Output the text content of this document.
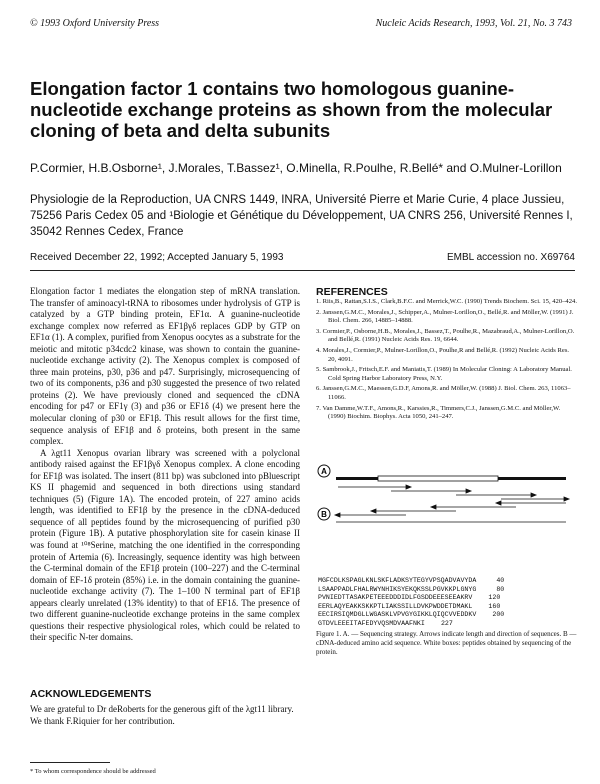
© 1993 Oxford University Press	Nucleic Acids Research, 1993, Vol. 21, No. 3 743
Elongation factor 1 contains two homologous guanine-nucleotide exchange proteins as shown from the molecular cloning of beta and delta subunits
P.Cormier, H.B.Osborne¹, J.Morales, T.Bassez¹, O.Minella, R.Poulhe, R.Bellé* and O.Mulner-Lorillon
Physiologie de la Reproduction, UA CNRS 1449, INRA, Université Pierre et Marie Curie, 4 place Jussieu, 75256 Paris Cedex 05 and ¹Biologie et Génétique du Développement, UA CNRS 256, Université Rennes I, 35042 Rennes Cedex, France
Received December 22, 1992; Accepted January 5, 1993	EMBL accession no. X69764

Elongation factor 1 mediates the elongation step of mRNA translation. The transfer of aminoacyl-tRNA to ribosomes under hydrolysis of GTP is catalyzed by a GTP binding protein, EF1α. A guanine-nucleotide exchange complex now referred as EF1βγδ replaces GDP by GTP on EF1α (1). A complex, purified from Xenopus oocytes as a substrate for the meiotic and mitotic p34cdc2 kinase, was shown to contain the guanine-nucleotide exchange activity (2). The Xenopus complex is composed of three main proteins, p30, p36 and p47. Surprisingly, microsequencing of two of its components, p36 and p30 suggested the presence of two related proteins (2). We have previously cloned and sequenced the cDNA encoding for p47 or EF1γ (3) and p36 or EF1δ (4) we present here the molecular cloning of p30 or EF1β. This result allows for the first time, sequence analysis of EF1β and δ proteins, both present in the same complex.

A λgt11 Xenopus ovarian library was screened with a polyclonal antibody raised against the EF1βγδ Xenopus complex. A clone encoding for EF1β was isolated. The insert (811 bp) was subcloned into pBluescript KS II phagemid and sequenced in both directions using standard techniques (5) (Figure 1A). The encoded protein, of 227 amino acids length, was identified to EF1β by the presence in the cDNA-deduced sequence of all peptides found by the microsequencing of purified p30 protein (Figure 1B). A putative phosphorylation site for casein kinase II was found at ¹⁰⁸Serine, matching the one identified in the corresponding protein of Artemia (6). Increasingly, sequence identity was high between the C-terminal domain of the EF1β protein (100–227) and the C-terminal domain of EF-1δ protein (85%) i.e. in the domain containing the guanine-nucleotide exchange activity (7). The 1–100 N terminal part of EF1β appears clearly unrelated (13% identity) to that of EF1δ. The presence of two different guanine-nucleotide exchange proteins in the same complex questions their respective physiological roles, which could be related to their specific N-ter domains.

ACKNOWLEDGEMENTS
We are grateful to Dr deRoberts for the generous gift of the λgt11 library. We thank F.Riquier for her contribution.
* To whom correspondence should be addressed
REFERENCES
1. Riis,B., Rattan,S.I.S., Clark,B.F.C. and Merrick,W.C. (1990) Trends Biochem. Sci. 15, 420–424.
2. Janssen,G.M.C., Morales,J., Schipper,A., Mulner-Lorillon,O., Bellé,R. and Möller,W. (1991) J. Biol. Chem. 266, 14885–14888.
3. Cormier,P., Osborne,H.B., Morales,J., Bassez,T., Poulhe,R., Mazabraud,A., Mulner-Lorillon,O. and Bellé,R. (1991) Nucleic Acids Res. 19, 6644.
4. Morales,J., Cormier,P., Mulner-Lorillon,O., Poulhe,R and Bellé,R. (1992) Nucleic Acids Res. 20, 4091.
5. Sambrook,J., Fritsch,E.F. and Maniatis,T. (1989) In Molecular Cloning: A Laboratory Manual. Cold Spring Harbor Laboratory Press, N.Y.
6. Janssen,G.M.C., Maessen,G.D.F, Amons,R. and Möller,W. (1988) J. Biol. Chem. 263, 11063–11066.
7. Van Damme,W.T.F., Amons,R., Karssies,R., Timmers,C.J., Janssen,G.M.C. and Möller,W. (1990) Biochim. Biophys. Acta 1050, 241–247.
A
B
MGFCDLKSPAGLKNLSKFLADKSYTEGYVPSQADVAVYDA	40
LSAAPPADLFHALRWYNHIKSYEKQKSSLPGVKKPLGNYG	80
PVNIEDTTASAKPETEEEDDDIDLFGSDDEEESEEAKRV 120
EERLAQYEAKKSKKPTLIAKSSILLDVKPWDDETDMAKL 160
EECIRSIQMDGLLWGASKLVPVGYGIKKLQIQCVVEDDKV 200
GTDVLEEEITAFEDYVQSMDVAAFNKI 227
Figure 1. A. — Sequencing strategy. Arrows indicate length and direction of sequences. B — cDNA-deduced amino acid sequence. White boxes: peptides obtained by sequencing of the protein.
